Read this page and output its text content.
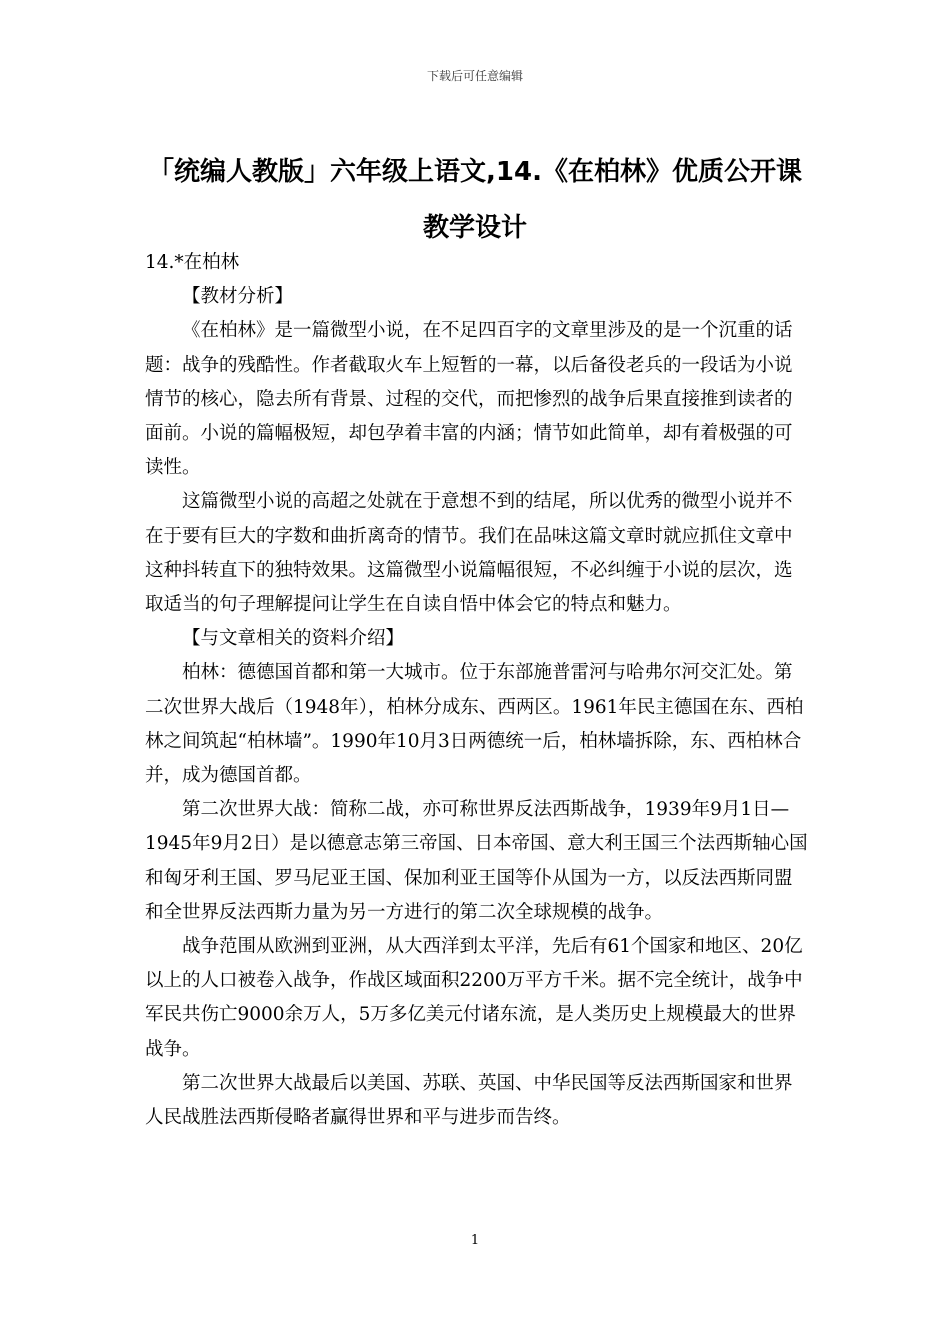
下载后可任意编辑
「统编人教版」六年级上语文,14.《在柏林》优质公开课教学设计

14.*在柏林

【教材分析】

《在柏林》是一篇微型小说，在不足四百字的文章里涉及的是一个沉重的话题：战争的残酷性。作者截取火车上短暂的一幕，以后备役老兵的一段话为小说情节的核心，隐去所有背景、过程的交代，而把惨烈的战争后果直接推到读者的面前。小说的篇幅极短，却包孕着丰富的内涵；情节如此简单，却有着极强的可读性。

这篇微型小说的高超之处就在于意想不到的结尾，所以优秀的微型小说并不在于要有巨大的字数和曲折离奇的情节。我们在品味这篇文章时就应抓住文章中这种抖转直下的独特效果。这篇微型小说篇幅很短，不必纠缠于小说的层次，选取适当的句子理解提问让学生在自读自悟中体会它的特点和魅力。

【与文章相关的资料介绍】

柏林：德德国首都和第一大城市。位于东部施普雷河与哈弗尔河交汇处。第二次世界大战后（1948年），柏林分成东、西两区。1961年民主德国在东、西柏林之间筑起“柏林墙”。1990年10月3日两德统一后，柏林墙拆除，东、西柏林合并，成为德国首都。

第二次世界大战：简称二战，亦可称世界反法西斯战争，1939年9月1日—1945年9月2日）是以德意志第三帝国、日本帝国、意大利王国三个法西斯轴心国和匈牙利王国、罗马尼亚王国、保加利亚王国等仆从国为一方，以反法西斯同盟和全世界反法西斯力量为另一方进行的第二次全球规模的战争。

战争范围从欧洲到亚洲，从大西洋到太平洋，先后有61个国家和地区、20亿以上的人口被卷入战争，作战区域面积2200万平方千米。据不完全统计，战争中军民共伤亡9000余万人，5万多亿美元付诸东流，是人类历史上规模最大的世界战争。

第二次世界大战最后以美国、苏联、英国、中华民国等反法西斯国家和世界人民战胜法西斯侵略者赢得世界和平与进步而告终。

1
